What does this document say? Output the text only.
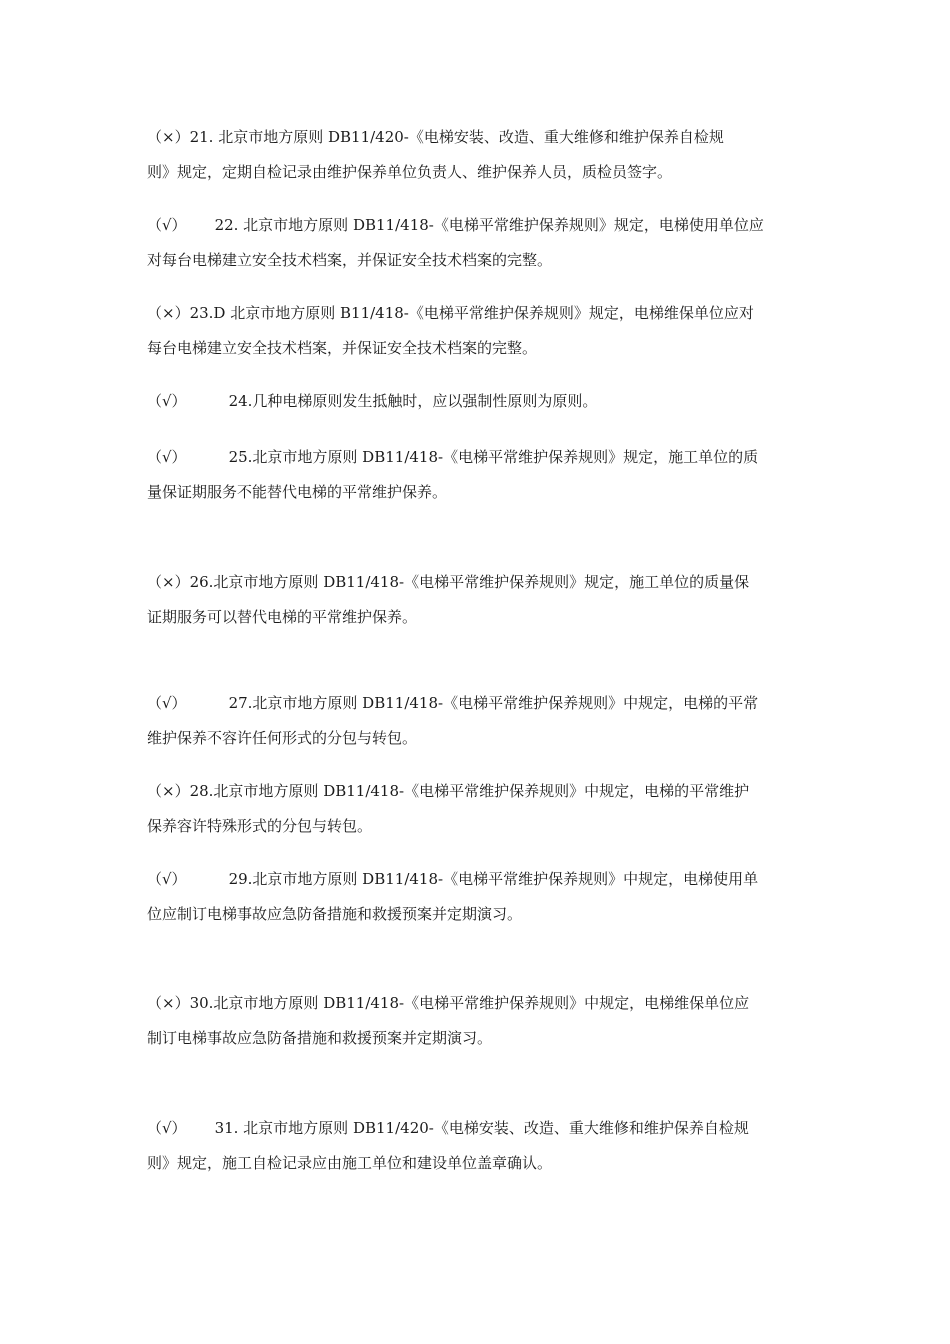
（×）21. 北京市地方原则 DB11/420-《电梯安装、改造、重大维修和维护保养自检规
则》规定，定期自检记录由维护保养单位负责人、维护保养人员，质检员签字。
（√） 22. 北京市地方原则 DB11/418-《电梯平常维护保养规则》规定，电梯使用单位应
对每台电梯建立安全技术档案，并保证安全技术档案的完整。
（×）23.D 北京市地方原则 B11/418-《电梯平常维护保养规则》规定，电梯维保单位应对
每台电梯建立安全技术档案，并保证安全技术档案的完整。
（√）	24.几种电梯原则发生抵触时，应以强制性原则为原则。
（√）	25.北京市地方原则 DB11/418-《电梯平常维护保养规则》规定，施工单位的质
量保证期服务不能替代电梯的平常维护保养。
（×）26.北京市地方原则 DB11/418-《电梯平常维护保养规则》规定，施工单位的质量保
证期服务可以替代电梯的平常维护保养。
（√）	27.北京市地方原则 DB11/418-《电梯平常维护保养规则》中规定，电梯的平常
维护保养不容许任何形式的分包与转包。
（×）28.北京市地方原则 DB11/418-《电梯平常维护保养规则》中规定，电梯的平常维护
保养容许特殊形式的分包与转包。
（√）	29.北京市地方原则 DB11/418-《电梯平常维护保养规则》中规定，电梯使用单
位应制订电梯事故应急防备措施和救援预案并定期演习。
（×）30.北京市地方原则 DB11/418-《电梯平常维护保养规则》中规定，电梯维保单位应
制订电梯事故应急防备措施和救援预案并定期演习。
（√） 31. 北京市地方原则 DB11/420-《电梯安装、改造、重大维修和维护保养自检规
则》规定，施工自检记录应由施工单位和建设单位盖章确认。
